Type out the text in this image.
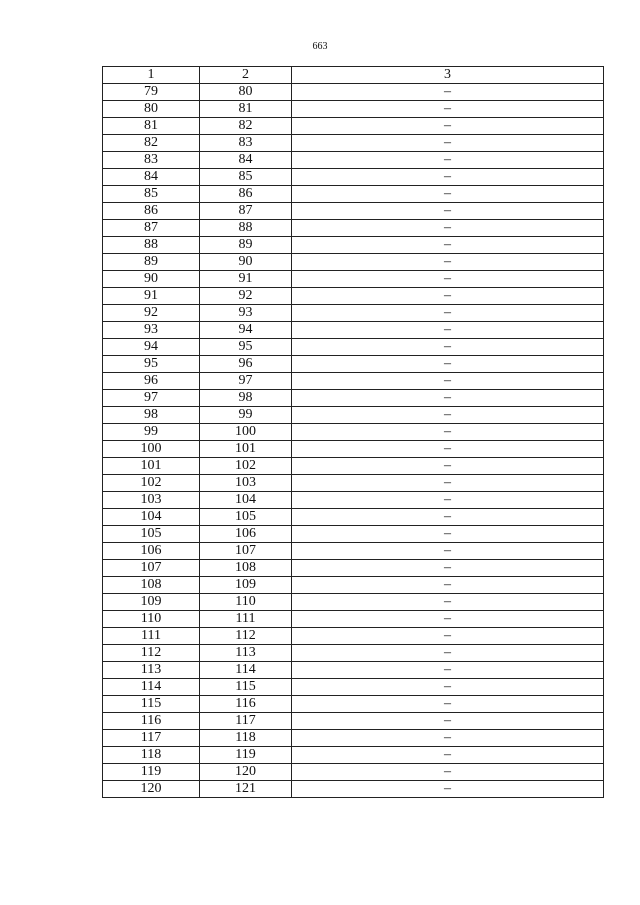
663
1	2	3
79	80	–
80	81	–
81	82	–
82	83	–
83	84	–
84	85	–
85	86	–
86	87	–
87	88	–
88	89	–
89	90	–
90	91	–
91	92	–
92	93	–
93	94	–
94	95	–
95	96	–
96	97	–
97	98	–
98	99	–
99	100	–
100	101	–
101	102	–
102	103	–
103	104	–
104	105	–
105	106	–
106	107	–
107	108	–
108	109	–
109	110	–
110	111	–
111	112	–
112	113	–
113	114	–
114	115	–
115	116	–
116	117	–
117	118	–
118	119	–
119	120	–
120	121	–
